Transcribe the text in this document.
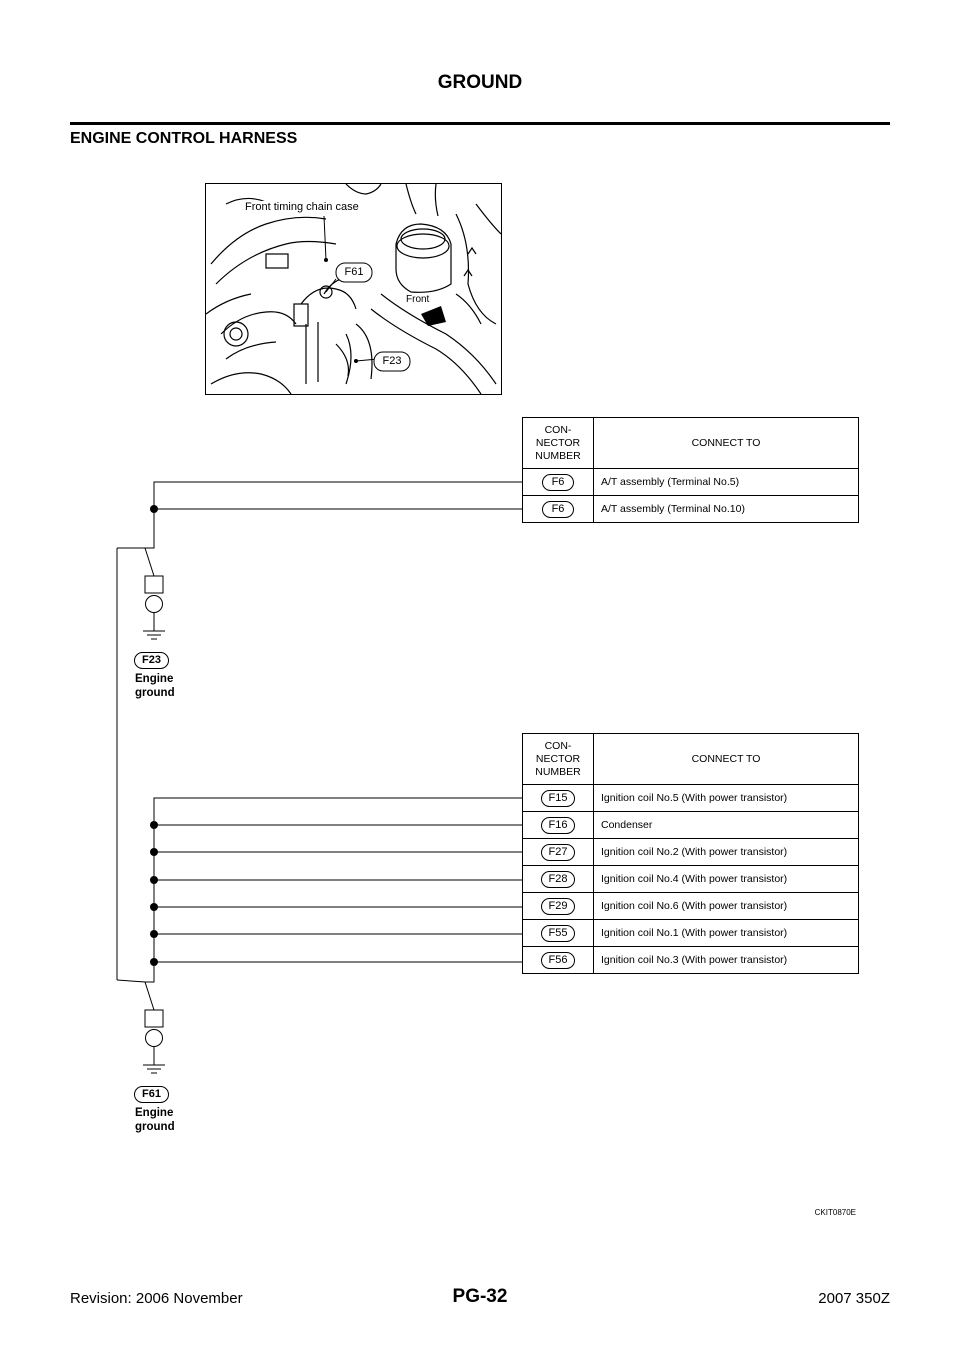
GROUND
ENGINE CONTROL HARNESS
Front timing chain case
F61
Front
F23
CON-
NECTOR
NUMBER	CONNECT TO
F6	A/T assembly (Terminal No.5)
F6	A/T assembly (Terminal No.10)
F23
Engine
ground
CON-
NECTOR
NUMBER	CONNECT TO
F15	Ignition coil No.5 (With power transistor)
F16	Condenser
F27	Ignition coil No.2 (With power transistor)
F28	Ignition coil No.4 (With power transistor)
F29	Ignition coil No.6 (With power transistor)
F55	Ignition coil No.1 (With power transistor)
F56	Ignition coil No.3 (With power transistor)
F61
Engine
ground
CKIT0870E
Revision: 2006 November	PG-32	2007 350Z
